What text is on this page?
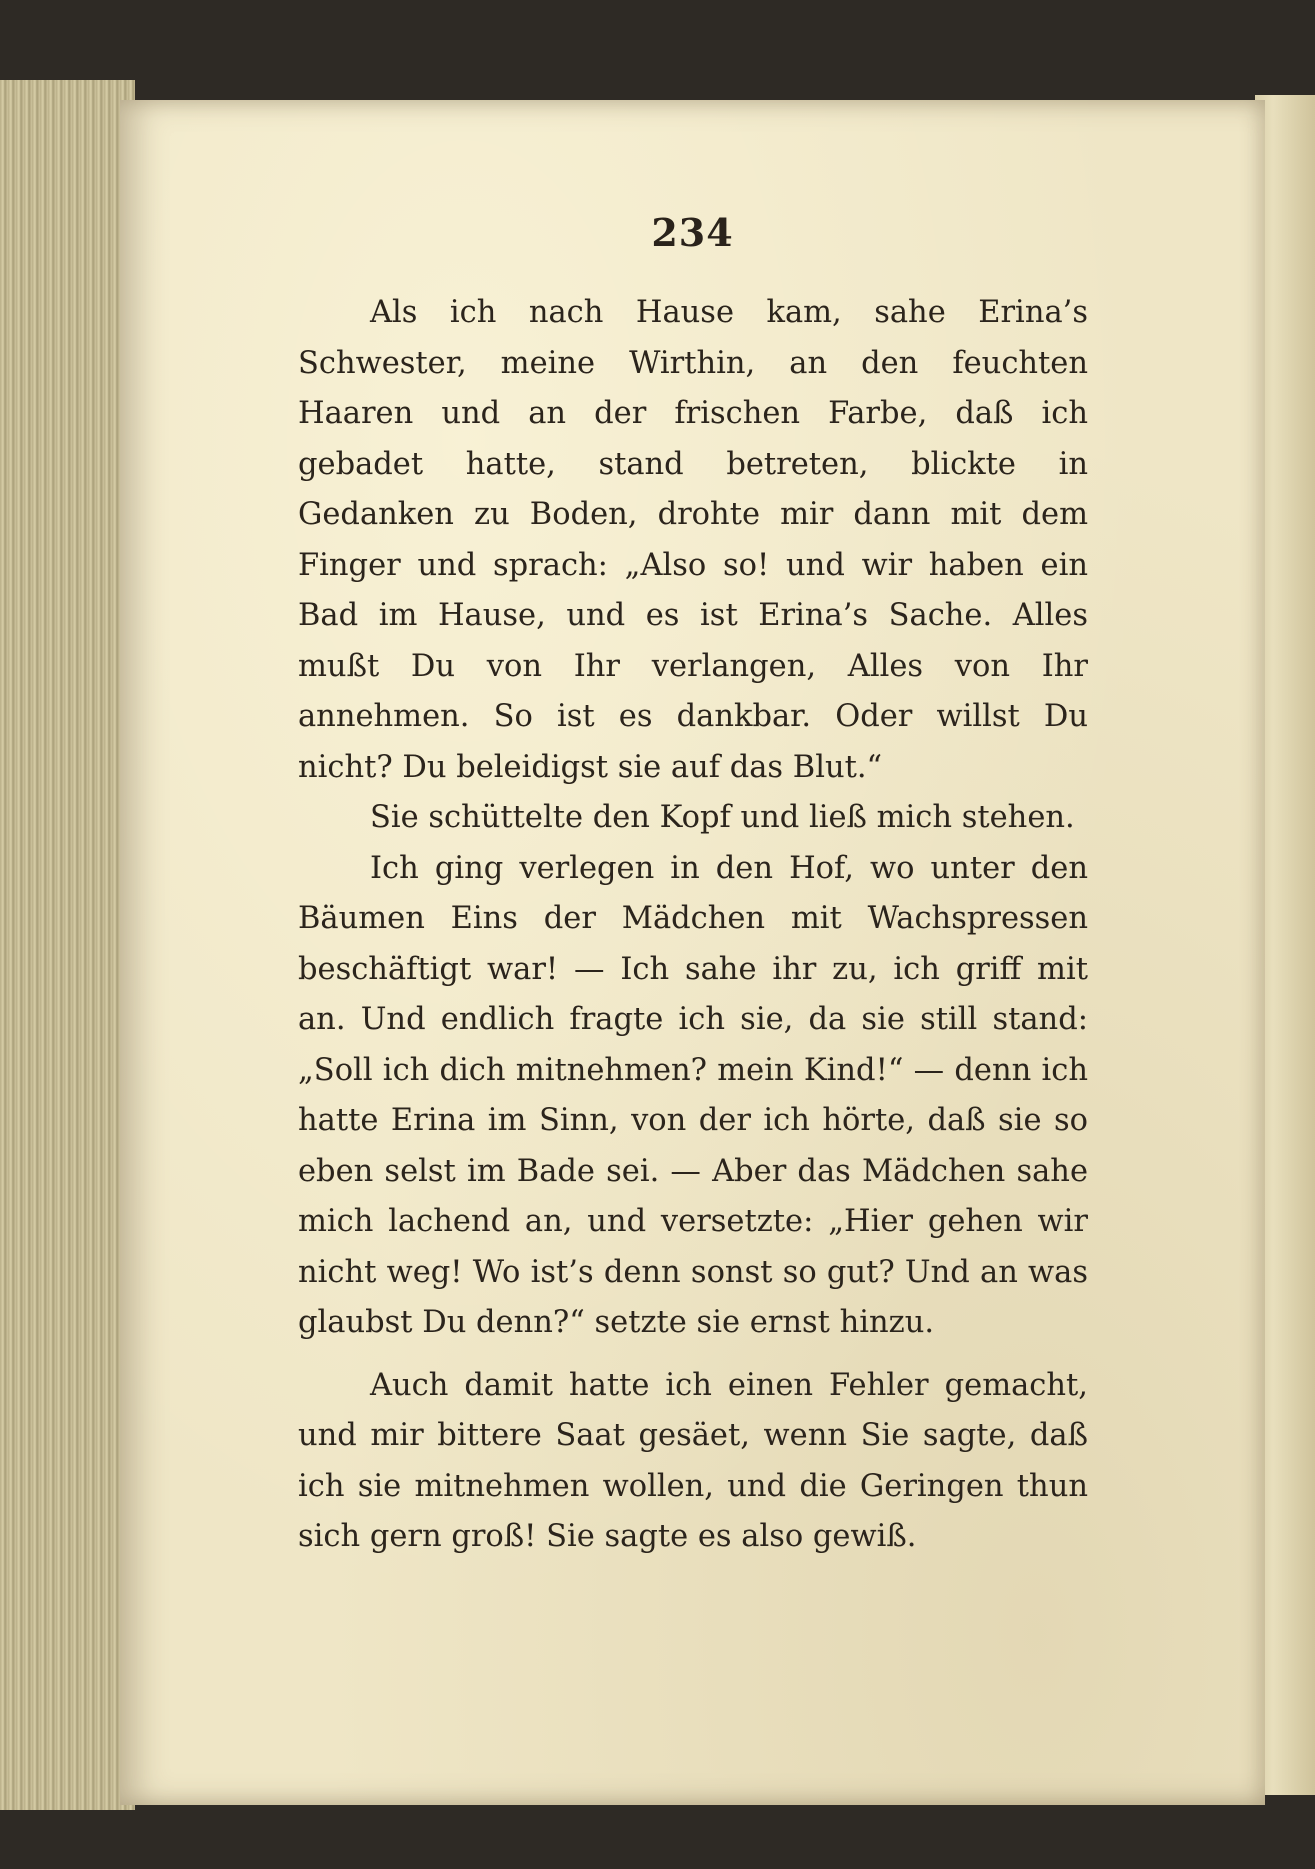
234

Als ich nach Hause kam, sahe Erina’s Schwester, meine Wirthin, an den feuchten Haaren und an der frischen Farbe, daß ich gebadet hatte, stand betreten, blickte in Gedanken zu Boden, drohte mir dann mit dem Finger und sprach: „Also so! und wir haben ein Bad im Hause, und es ist Erina’s Sache. Alles mußt Du von Ihr verlangen, Alles von Ihr annehmen. So ist es dankbar. Oder willst Du nicht? Du beleidigst sie auf das Blut.“

Sie schüttelte den Kopf und ließ mich stehen.

Ich ging verlegen in den Hof, wo unter den Bäumen Eins der Mädchen mit Wachspressen beschäftigt war! — Ich sahe ihr zu, ich griff mit an. Und endlich fragte ich sie, da sie still stand: „Soll ich dich mitnehmen? mein Kind!“ — denn ich hatte Erina im Sinn, von der ich hörte, daß sie so eben selst im Bade sei. — Aber das Mädchen sahe mich lachend an, und versetzte: „Hier gehen wir nicht weg! Wo ist’s denn sonst so gut? Und an was glaubst Du denn?“ setzte sie ernst hinzu.

Auch damit hatte ich einen Fehler gemacht, und mir bittere Saat gesäet, wenn Sie sagte, daß ich sie mitnehmen wollen, und die Geringen thun sich gern groß! Sie sagte es also gewiß.
